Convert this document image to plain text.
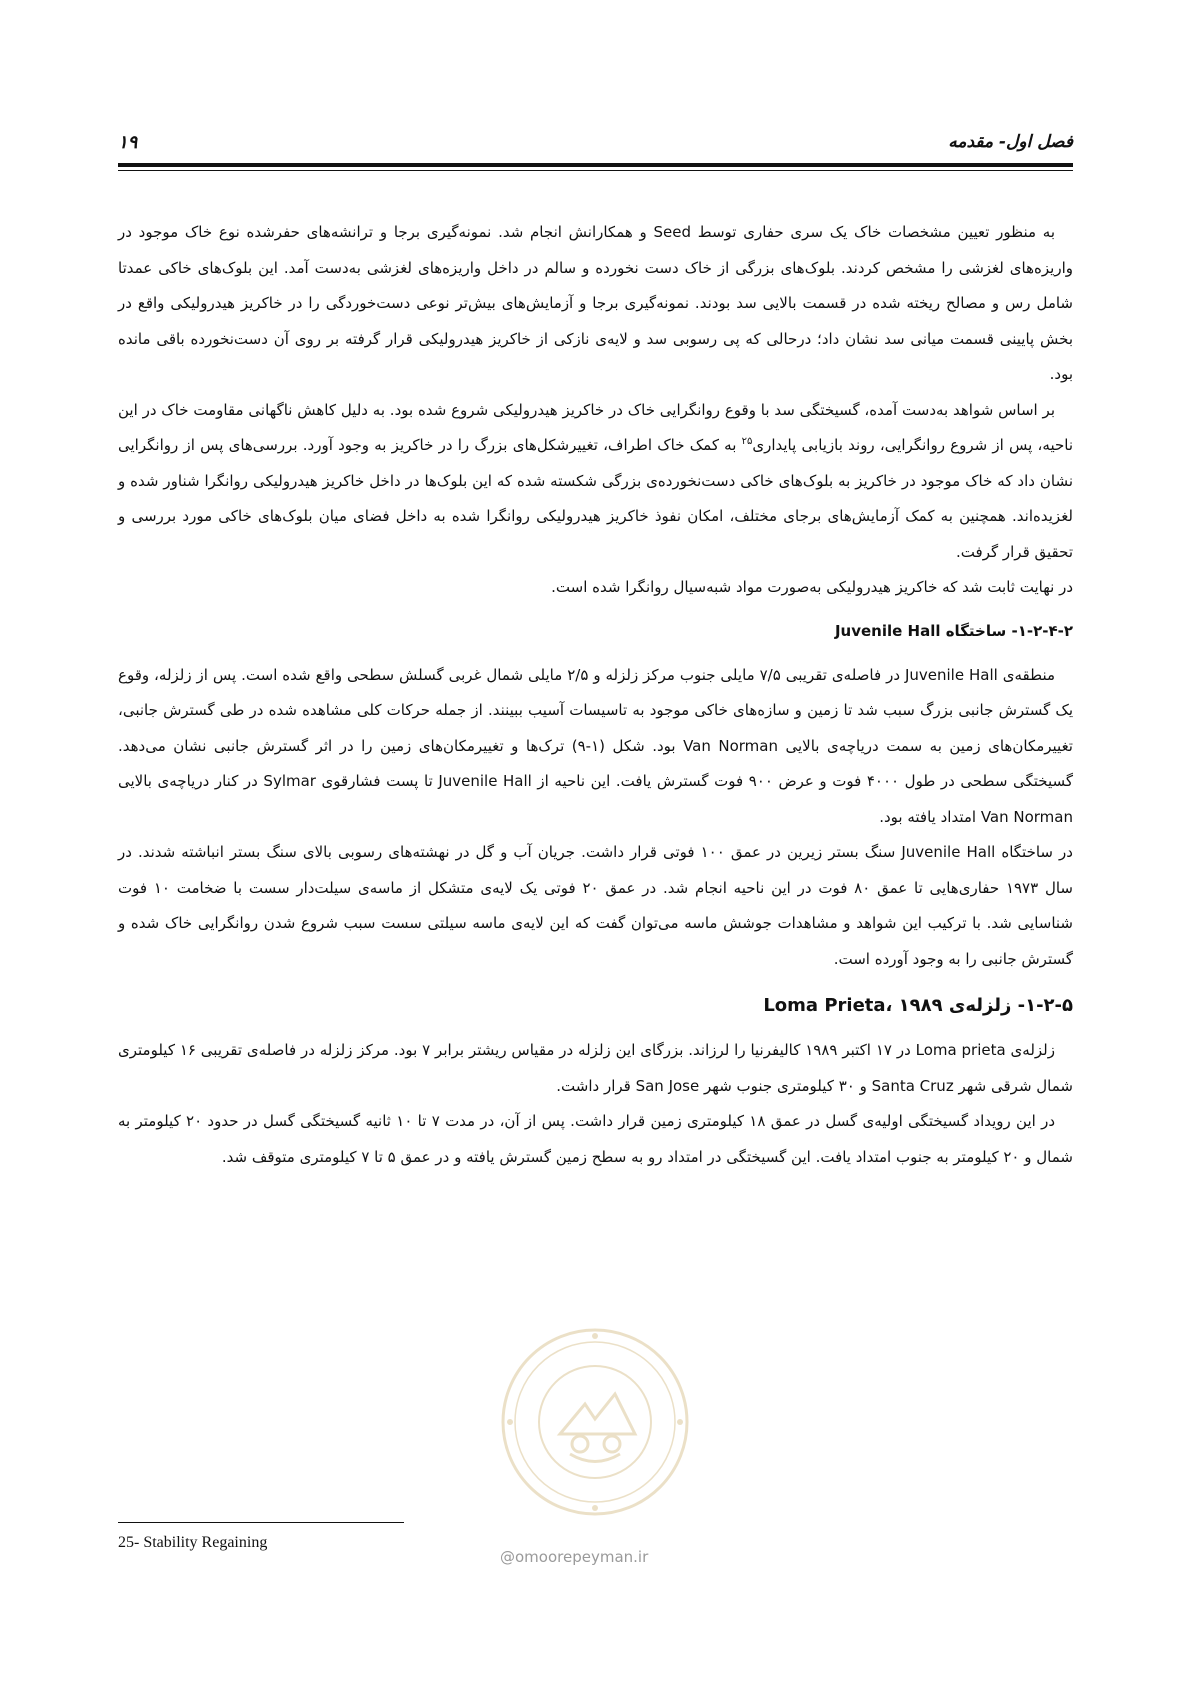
فصل اول- مقدمه
۱۹

به منظور تعیین مشخصات خاک یک سری حفاری توسط Seed و همکارانش انجام شد. نمونه‌گیری برجا و ترانشه‌های حفرشده نوع خاک موجود در واریزه‌های لغزشی را مشخص کردند. بلوک‌های بزرگی از خاک دست نخورده و سالم در داخل واریزه‌های لغزشی به‌دست آمد. این بلوک‌های خاکی عمدتا شامل رس و مصالح ریخته شده در قسمت بالایی سد بودند. نمونه‌گیری برجا و آزمایش‌های بیش‌تر نوعی دست‌خوردگی را در خاکریز هیدرولیکی واقع در بخش پایینی قسمت میانی سد نشان داد؛ درحالی که پی رسوبی سد و لایه‌ی نازکی از خاکریز هیدرولیکی قرار گرفته بر روی آن دست‌نخورده باقی مانده بود.

بر اساس شواهد به‌دست آمده، گسیختگی سد با وقوع روانگرایی خاک در خاکریز هیدرولیکی شروع شده بود. به دلیل کاهش ناگهانی مقاومت خاک در این ناحیه، پس از شروع روانگرایی، روند بازیابی پایداری$^{۲۵}$ به کمک خاک اطراف، تغییرشکل‌های بزرگ را در خاکریز به وجود آورد. بررسی‌های پس از روانگرایی نشان داد که خاک موجود در خاکریز به بلوک‌های خاکی دست‌نخورده‌ی بزرگی شکسته شده که این بلوک‌ها در داخل خاکریز هیدرولیکی روانگرا شناور شده و لغزیده‌اند. همچنین به کمک آزمایش‌های برجای مختلف، امکان نفوذ خاکریز هیدرولیکی روانگرا شده به داخل فضای میان بلوک‌های خاکی مورد بررسی و تحقیق قرار گرفت.

در نهایت ثابت شد که خاکریز هیدرولیکی به‌صورت مواد شبه‌سیال روانگرا شده است.

۱-۲-۴-۲- ساختگاه Juvenile Hall

منطقه‌ی Juvenile Hall در فاصله‌ی تقریبی ۷/۵ مایلی جنوب مرکز زلزله و ۲/۵ مایلی شمال غربی گسلش سطحی واقع شده است. پس از زلزله، وقوع یک گسترش جانبی بزرگ سبب شد تا زمین و سازه‌های خاکی موجود به تاسیسات آسیب ببینند. از جمله حرکات کلی مشاهده شده در طی گسترش جانبی، تغییرمکان‌های زمین به سمت دریاچه‌ی بالایی Van Norman بود. شکل (۱-۹) ترک‌ها و تغییرمکان‌های زمین را در اثر گسترش جانبی نشان می‌دهد. گسیختگی سطحی در طول ۴۰۰۰ فوت و عرض ۹۰۰ فوت گسترش یافت. این ناحیه از Juvenile Hall تا پست فشارقوی Sylmar در کنار دریاچه‌ی بالایی Van Norman امتداد یافته بود.

در ساختگاه Juvenile Hall سنگ بستر زیرین در عمق ۱۰۰ فوتی قرار داشت. جریان آب و گل در نهشته‌های رسوبی بالای سنگ بستر انباشته شدند. در سال ۱۹۷۳ حفاری‌هایی تا عمق ۸۰ فوت در این ناحیه انجام شد. در عمق ۲۰ فوتی یک لایه‌ی متشکل از ماسه‌ی سیلت‌دار سست با ضخامت ۱۰ فوت شناسایی شد. با ترکیب این شواهد و مشاهدات جوشش ماسه می‌توان گفت که این لایه‌ی ماسه سیلتی سست سبب شروع شدن روانگرایی خاک شده و گسترش جانبی را به وجود آورده است.

۱-۲-۵- زلزله‌ی Loma Prieta، ۱۹۸۹

زلزله‌ی Loma prieta در ۱۷ اکتبر ۱۹۸۹ کالیفرنیا را لرزاند. بزرگای این زلزله در مقیاس ریشتر برابر ۷ بود. مرکز زلزله در فاصله‌ی تقریبی ۱۶ کیلومتری شمال شرقی شهر Santa Cruz و ۳۰ کیلومتری جنوب شهر San Jose قرار داشت.

در این رویداد گسیختگی اولیه‌ی گسل در عمق ۱۸ کیلومتری زمین قرار داشت. پس از آن، در مدت ۷ تا ۱۰ ثانیه گسیختگی گسل در حدود ۲۰ کیلومتر به شمال و ۲۰ کیلومتر به جنوب امتداد یافت. این گسیختگی در امتداد رو به سطح زمین گسترش یافته و در عمق ۵ تا ۷ کیلومتری متوقف شد.

@omoorepeyman.ir
25- Stability Regaining
